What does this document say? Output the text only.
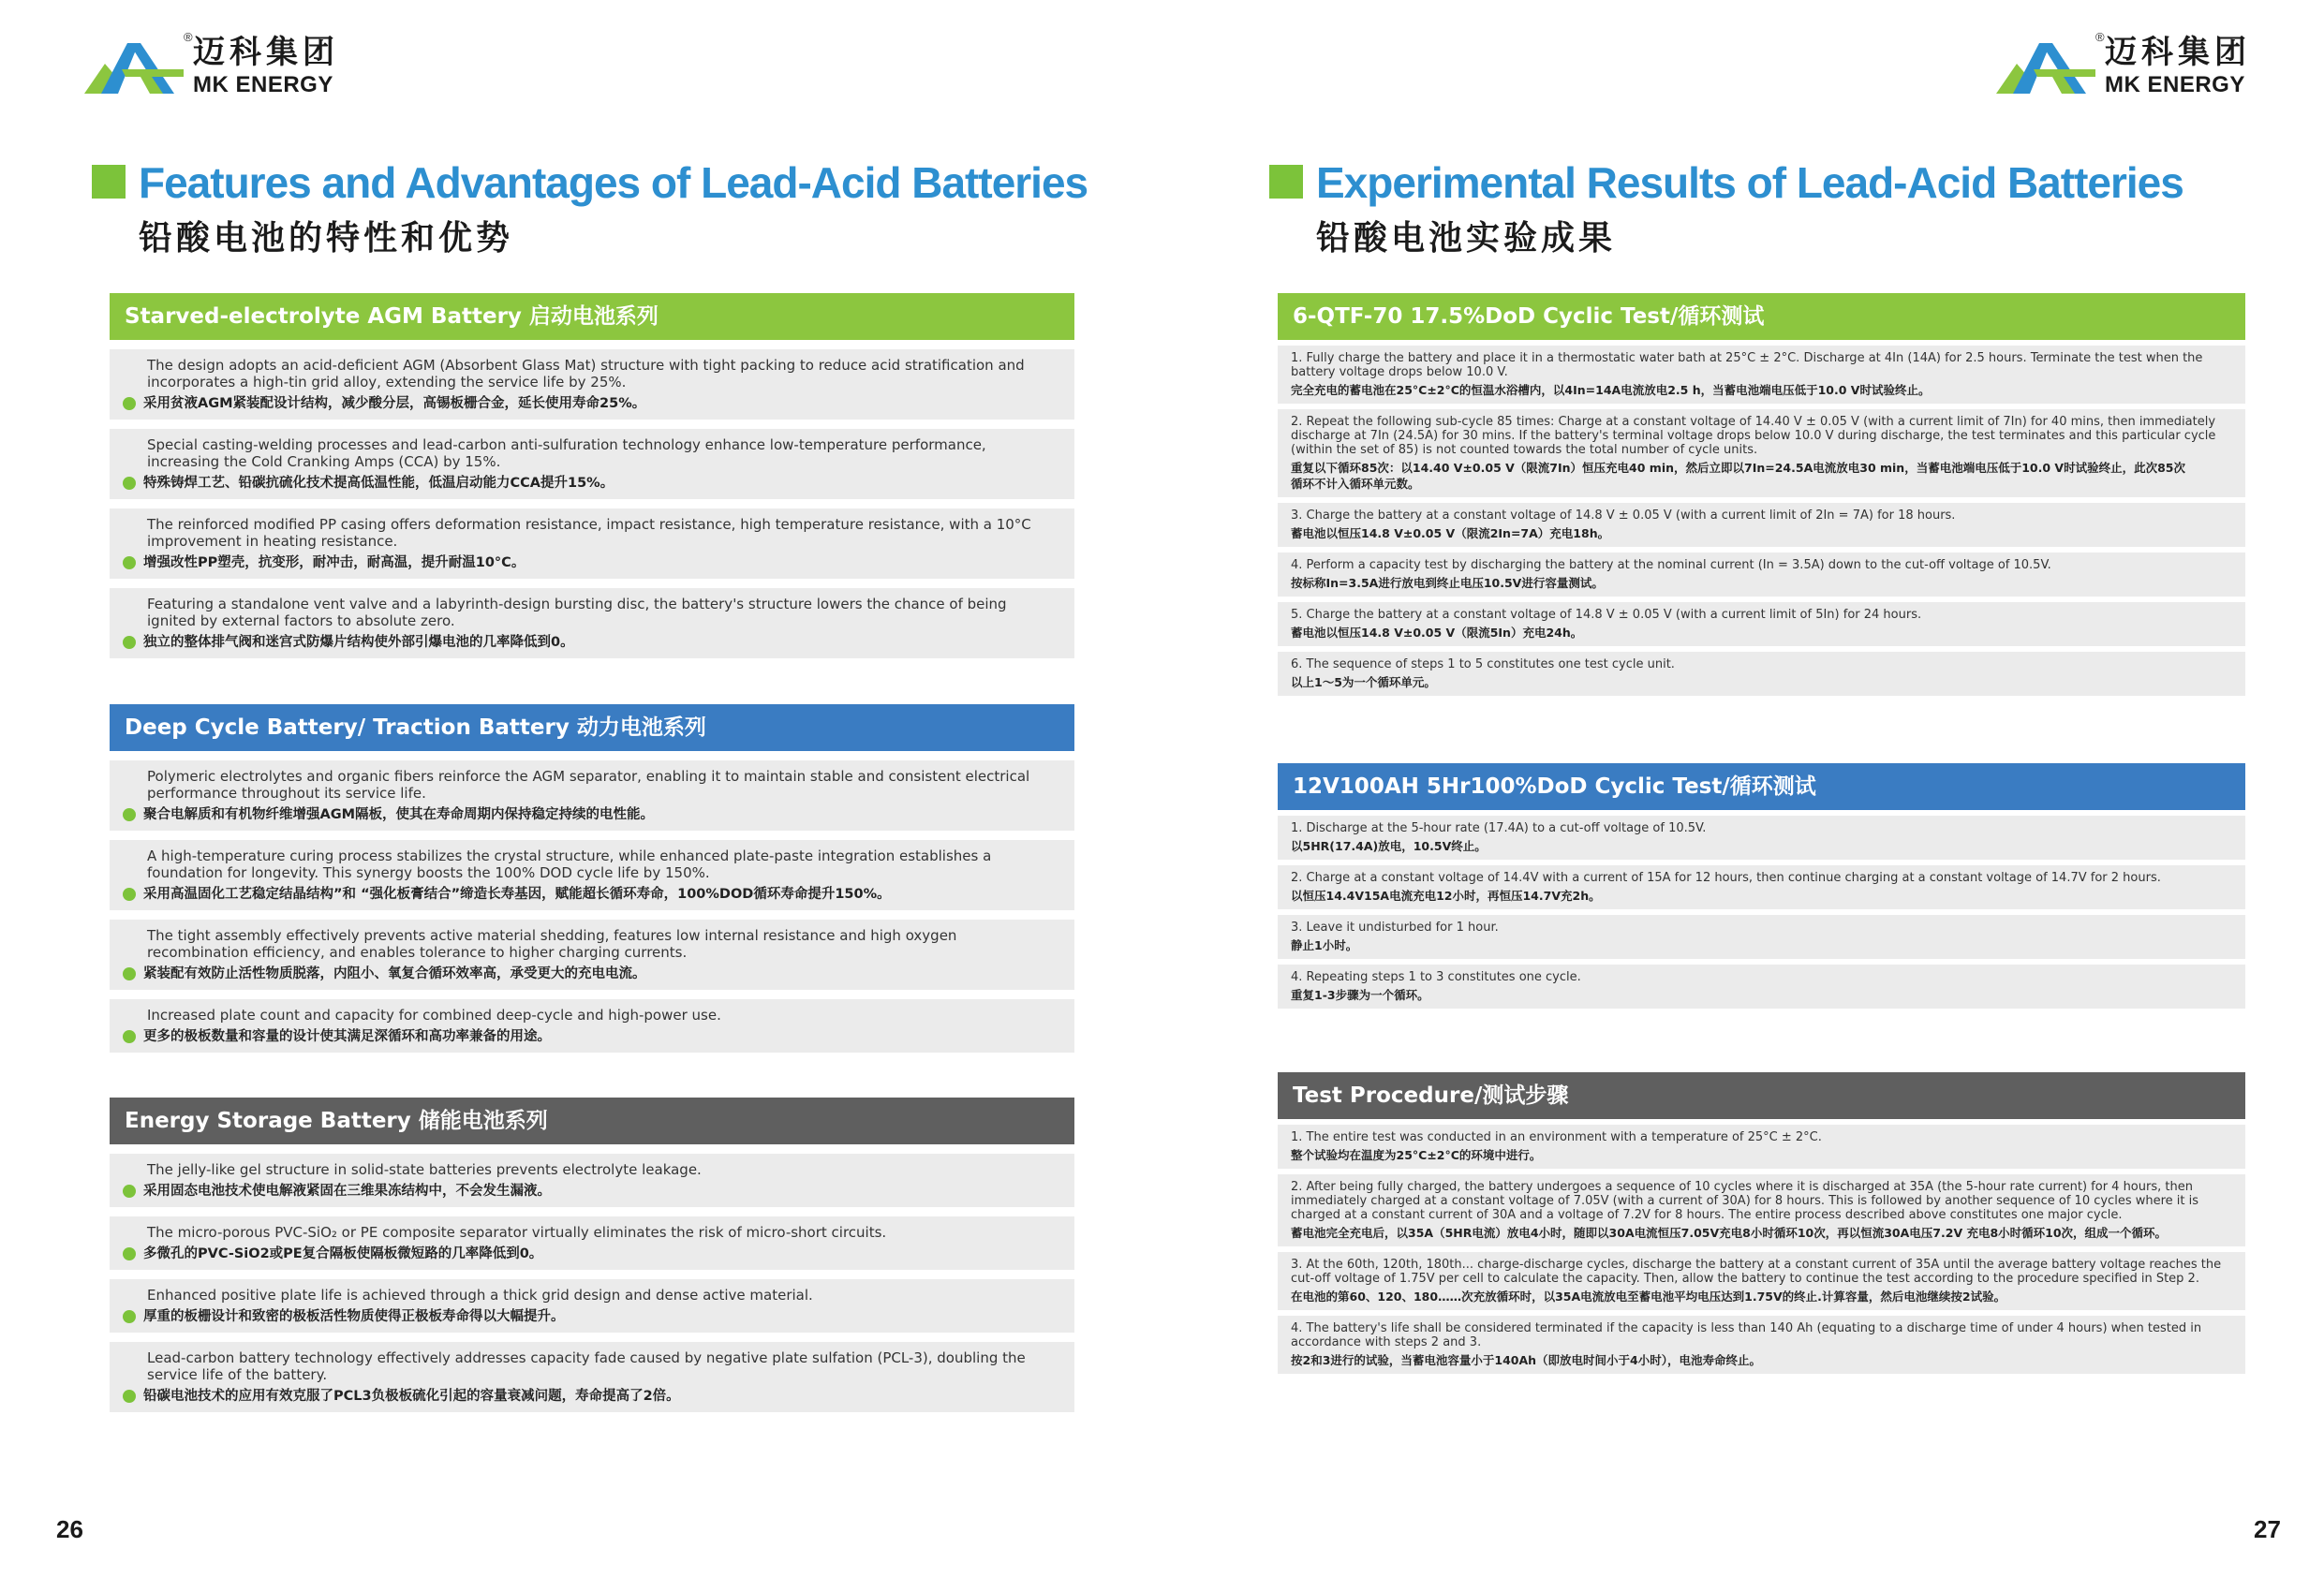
® 迈科集团
MK ENERGY
Features and Advantages of Lead-Acid Batteries
铅酸电池的特性和优势
Starved-electrolyte AGM Battery 启动电池系列
The design adopts an acid-deficient AGM (Absorbent Glass Mat) structure with tight packing to reduce acid stratification and incorporates a high-tin grid alloy, extending the service life by 25%.
采用贫液AGM紧装配设计结构，减少酸分层，高锡板栅合金，延长使用寿命25%。
Special casting-welding processes and lead-carbon anti-sulfuration technology enhance low-temperature performance, increasing the Cold Cranking Amps (CCA) by 15%.
特殊铸焊工艺、铅碳抗硫化技术提高低温性能，低温启动能力CCA提升15%。
The reinforced modified PP casing offers deformation resistance, impact resistance, high temperature resistance, with a 10°C improvement in heating resistance.
增强改性PP塑壳，抗变形，耐冲击，耐高温，提升耐温10°C。
Featuring a standalone vent valve and a labyrinth-design bursting disc, the battery's structure lowers the chance of being ignited by external factors to absolute zero.
独立的整体排气阀和迷宫式防爆片结构使外部引爆电池的几率降低到0。
Deep Cycle Battery/ Traction Battery 动力电池系列
Polymeric electrolytes and organic fibers reinforce the AGM separator, enabling it to maintain stable and consistent electrical performance throughout its service life.
聚合电解质和有机物纤维增强AGM隔板，使其在寿命周期内保持稳定持续的电性能。
A high-temperature curing process stabilizes the crystal structure, while enhanced plate-paste integration establishes a foundation for longevity. This synergy boosts the 100% DOD cycle life by 150%.
采用高温固化工艺稳定结晶结构”和 “强化板膏结合”缔造长寿基因，赋能超长循环寿命，100%DOD循环寿命提升150%。
The tight assembly effectively prevents active material shedding, features low internal resistance and high oxygen recombination efficiency, and enables tolerance to higher charging currents.
紧装配有效防止活性物质脱落，内阻小、氧复合循环效率高，承受更大的充电电流。
Increased plate count and capacity for combined deep-cycle and high-power use.
更多的极板数量和容量的设计使其满足深循环和高功率兼备的用途。
Energy Storage Battery 储能电池系列
The jelly-like gel structure in solid-state batteries prevents electrolyte leakage.
采用固态电池技术使电解液紧固在三维果冻结构中，不会发生漏液。
The micro-porous PVC-SiO₂ or PE composite separator virtually eliminates the risk of micro-short circuits.
多微孔的PVC-SiO2或PE复合隔板使隔板微短路的几率降低到0。
Enhanced positive plate life is achieved through a thick grid design and dense active material.
厚重的板栅设计和致密的极板活性物质使得正极板寿命得以大幅提升。
Lead-carbon battery technology effectively addresses capacity fade caused by negative plate sulfation (PCL-3), doubling the service life of the battery.
铅碳电池技术的应用有效克服了PCL3负极板硫化引起的容量衰减问题，寿命提高了2倍。
26
® 迈科集团
MK ENERGY
Experimental Results of Lead-Acid Batteries
铅酸电池实验成果
6-QTF-70 17.5%DoD Cyclic Test/循环测试
1. Fully charge the battery and place it in a thermostatic water bath at 25°C ± 2°C. Discharge at 4In (14A) for 2.5 hours. Terminate the test when the battery voltage drops below 10.0 V.
完全充电的蓄电池在25°C±2°C的恒温水浴槽内，以4In=14A电流放电2.5 h，当蓄电池端电压低于10.0 V时试验终止。
2. Repeat the following sub-cycle 85 times: Charge at a constant voltage of 14.40 V ± 0.05 V (with a current limit of 7In) for 40 mins, then immediately discharge at 7In (24.5A) for 30 mins. If the battery's terminal voltage drops below 10.0 V during discharge, the test terminates and this particular cycle (within the set of 85) is not counted towards the total number of cycle units.
重复以下循环85次：以14.40 V±0.05 V（限流7In）恒压充电40 min，然后立即以7In=24.5A电流放电30 min，当蓄电池端电压低于10.0 V时试验终止，此次85次
循环不计入循环单元数。
3. Charge the battery at a constant voltage of 14.8 V ± 0.05 V (with a current limit of 2In = 7A) for 18 hours.
蓄电池以恒压14.8 V±0.05 V（限流2In=7A）充电18h。
4. Perform a capacity test by discharging the battery at the nominal current (In = 3.5A) down to the cut-off voltage of 10.5V.
按标称In=3.5A进行放电到终止电压10.5V进行容量测试。
5. Charge the battery at a constant voltage of 14.8 V ± 0.05 V (with a current limit of 5In) for 24 hours.
蓄电池以恒压14.8 V±0.05 V（限流5In）充电24h。
6. The sequence of steps 1 to 5 constitutes one test cycle unit.
以上1～5为一个循环单元。
12V100AH 5Hr100%DoD Cyclic Test/循环测试
1. Discharge at the 5-hour rate (17.4A) to a cut-off voltage of 10.5V.
以5HR(17.4A)放电，10.5V终止。
2. Charge at a constant voltage of 14.4V with a current of 15A for 12 hours, then continue charging at a constant voltage of 14.7V for 2 hours.
以恒压14.4V15A电流充电12小时，再恒压14.7V充2h。
3. Leave it undisturbed for 1 hour.
静止1小时。
4. Repeating steps 1 to 3 constitutes one cycle.
重复1-3步骤为一个循环。
Test Procedure/测试步骤
1. The entire test was conducted in an environment with a temperature of 25°C ± 2°C.
整个试验均在温度为25°C±2°C的环境中进行。
2. After being fully charged, the battery undergoes a sequence of 10 cycles where it is discharged at 35A (the 5-hour rate current) for 4 hours, then immediately charged at a constant voltage of 7.05V (with a current of 30A) for 8 hours. This is followed by another sequence of 10 cycles where it is charged at a constant current of 30A and a voltage of 7.2V for 8 hours. The entire process described above constitutes one major cycle.
蓄电池完全充电后，以35A（5HR电流）放电4小时，随即以30A电流恒压7.05V充电8小时循环10次，再以恒流30A电压7.2V 充电8小时循环10次，组成一个循环。
3. At the 60th, 120th, 180th... charge-discharge cycles, discharge the battery at a constant current of 35A until the average battery voltage reaches the cut-off voltage of 1.75V per cell to calculate the capacity. Then, allow the battery to continue the test according to the procedure specified in Step 2.
在电池的第60、120、180……次充放循环时，以35A电流放电至蓄电池平均电压达到1.75V的终止.计算容量，然后电池继续按2试验。
4. The battery's life shall be considered terminated if the capacity is less than 140 Ah (equating to a discharge time of under 4 hours) when tested in accordance with steps 2 and 3.
按2和3进行的试验，当蓄电池容量小于140Ah（即放电时间小于4小时），电池寿命终止。
27
